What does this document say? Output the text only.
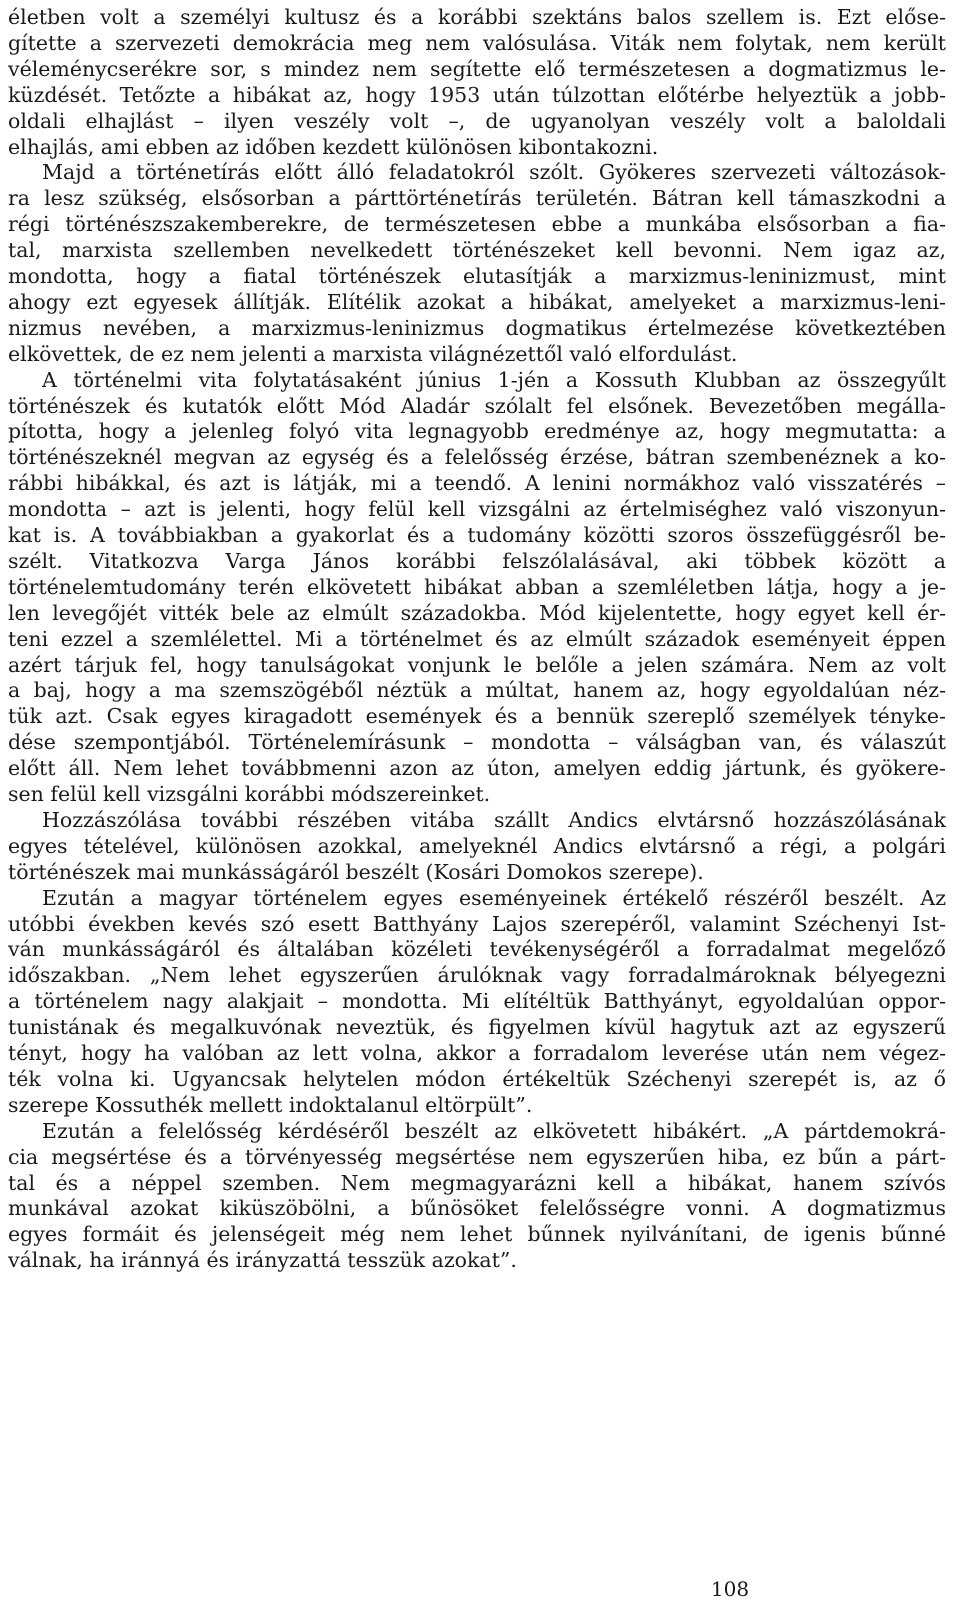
életben volt a személyi kultusz és a korábbi szektáns balos szellem is. Ezt előse-
gítette a szervezeti demokrácia meg nem valósulása. Viták nem folytak, nem került
véleménycserékre sor, s mindez nem segítette elő természetesen a dogmatizmus le-
küzdését. Tetőzte a hibákat az, hogy 1953 után túlzottan előtérbe helyeztük a jobb-
oldali elhajlást – ilyen veszély volt –, de ugyanolyan veszély volt a baloldali
elhajlás, ami ebben az időben kezdett különösen kibontakozni.
Majd a történetírás előtt álló feladatokról szólt. Gyökeres szervezeti változások-
ra lesz szükség, elsősorban a párttörténetírás területén. Bátran kell támaszkodni a
régi történészszakemberekre, de természetesen ebbe a munkába elsősorban a fia-
tal, marxista szellemben nevelkedett történészeket kell bevonni. Nem igaz az,
mondotta, hogy a fiatal történészek elutasítják a marxizmus-leninizmust, mint
ahogy ezt egyesek állítják. Elítélik azokat a hibákat, amelyeket a marxizmus-leni-
nizmus nevében, a marxizmus-leninizmus dogmatikus értelmezése következtében
elkövettek, de ez nem jelenti a marxista világnézettől való elfordulást.
A történelmi vita folytatásaként június 1-jén a Kossuth Klubban az összegyűlt
történészek és kutatók előtt Mód Aladár szólalt fel elsőnek. Bevezetőben megálla-
pította, hogy a jelenleg folyó vita legnagyobb eredménye az, hogy megmutatta: a
történészeknél megvan az egység és a felelősség érzése, bátran szembenéznek a ko-
rábbi hibákkal, és azt is látják, mi a teendő. A lenini normákhoz való visszatérés –
mondotta – azt is jelenti, hogy felül kell vizsgálni az értelmiséghez való viszonyun-
kat is. A továbbiakban a gyakorlat és a tudomány közötti szoros összefüggésről be-
szélt. Vitatkozva Varga János korábbi felszólalásával, aki többek között a
történelemtudomány terén elkövetett hibákat abban a szemléletben látja, hogy a je-
len levegőjét vitték bele az elmúlt századokba. Mód kijelentette, hogy egyet kell ér-
teni ezzel a szemlélettel. Mi a történelmet és az elmúlt századok eseményeit éppen
azért tárjuk fel, hogy tanulságokat vonjunk le belőle a jelen számára. Nem az volt
a baj, hogy a ma szemszögéből néztük a múltat, hanem az, hogy egyoldalúan néz-
tük azt. Csak egyes kiragadott események és a bennük szereplő személyek tényke-
dése szempontjából. Történelemírásunk – mondotta – válságban van, és válaszút
előtt áll. Nem lehet továbbmenni azon az úton, amelyen eddig jártunk, és gyökere-
sen felül kell vizsgálni korábbi módszereinket.
Hozzászólása további részében vitába szállt Andics elvtársnő hozzászólásának
egyes tételével, különösen azokkal, amelyeknél Andics elvtársnő a régi, a polgári
történészek mai munkásságáról beszélt (Kosári Domokos szerepe).
Ezután a magyar történelem egyes eseményeinek értékelő részéről beszélt. Az
utóbbi években kevés szó esett Batthyány Lajos szerepéről, valamint Széchenyi Ist-
ván munkásságáról és általában közéleti tevékenységéről a forradalmat megelőző
időszakban. „Nem lehet egyszerűen árulóknak vagy forradalmároknak bélyegezni
a történelem nagy alakjait – mondotta. Mi elítéltük Batthyányt, egyoldalúan oppor-
tunistának és megalkuvónak neveztük, és figyelmen kívül hagytuk azt az egyszerű
tényt, hogy ha valóban az lett volna, akkor a forradalom leverése után nem végez-
ték volna ki. Ugyancsak helytelen módon értékeltük Széchenyi szerepét is, az ő
szerepe Kossuthék mellett indoktalanul eltörpült”.
Ezután a felelősség kérdéséről beszélt az elkövetett hibákért. „A pártdemokrá-
cia megsértése és a törvényesség megsértése nem egyszerűen hiba, ez bűn a párt-
tal és a néppel szemben. Nem megmagyarázni kell a hibákat, hanem szívós
munkával azokat kiküszöbölni, a bűnösöket felelősségre vonni. A dogmatizmus
egyes formáit és jelenségeit még nem lehet bűnnek nyilvánítani, de igenis bűnné
válnak, ha iránnyá és irányzattá tesszük azokat”.
108
